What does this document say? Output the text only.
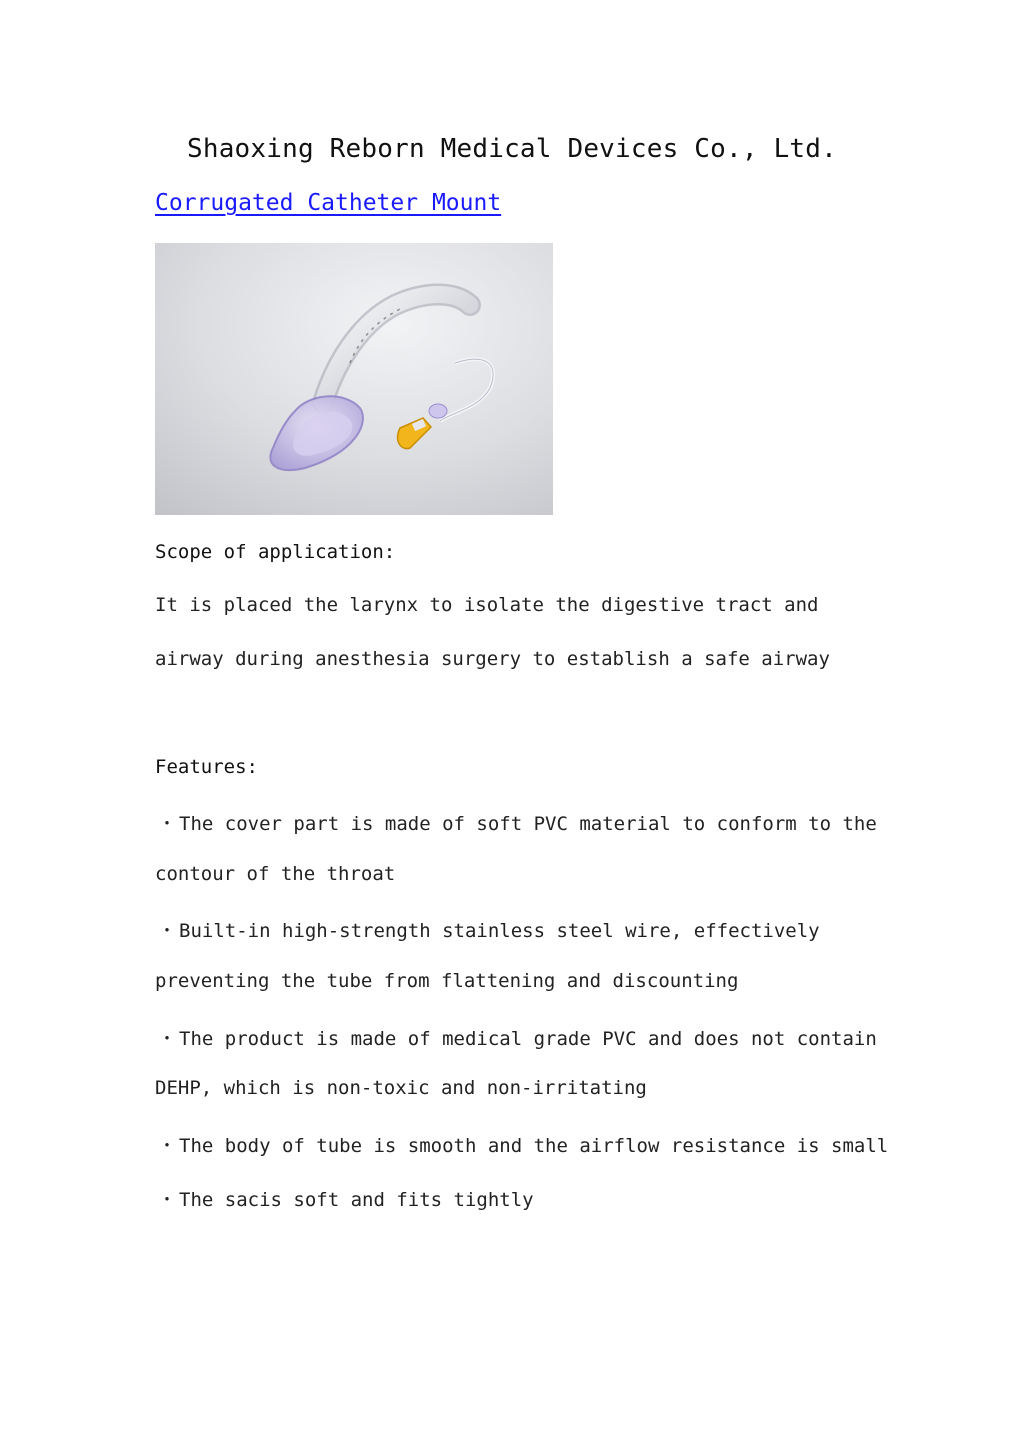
Shaoxing Reborn Medical Devices Co., Ltd.
Corrugated Catheter Mount
Scope of application:
It is placed the larynx to isolate the digestive tract and
airway during anesthesia surgery to establish a safe airway
Features:
・ The cover part is made of soft PVC material to conform to the
contour of the throat
・ Built-in high-strength stainless steel wire, effectively
preventing the tube from flattening and discounting
・ The product is made of medical grade PVC and does not contain
DEHP, which is non-toxic and non-irritating
・ The body of tube is smooth and the airflow resistance is small
・ The sacis soft and fits tightly
